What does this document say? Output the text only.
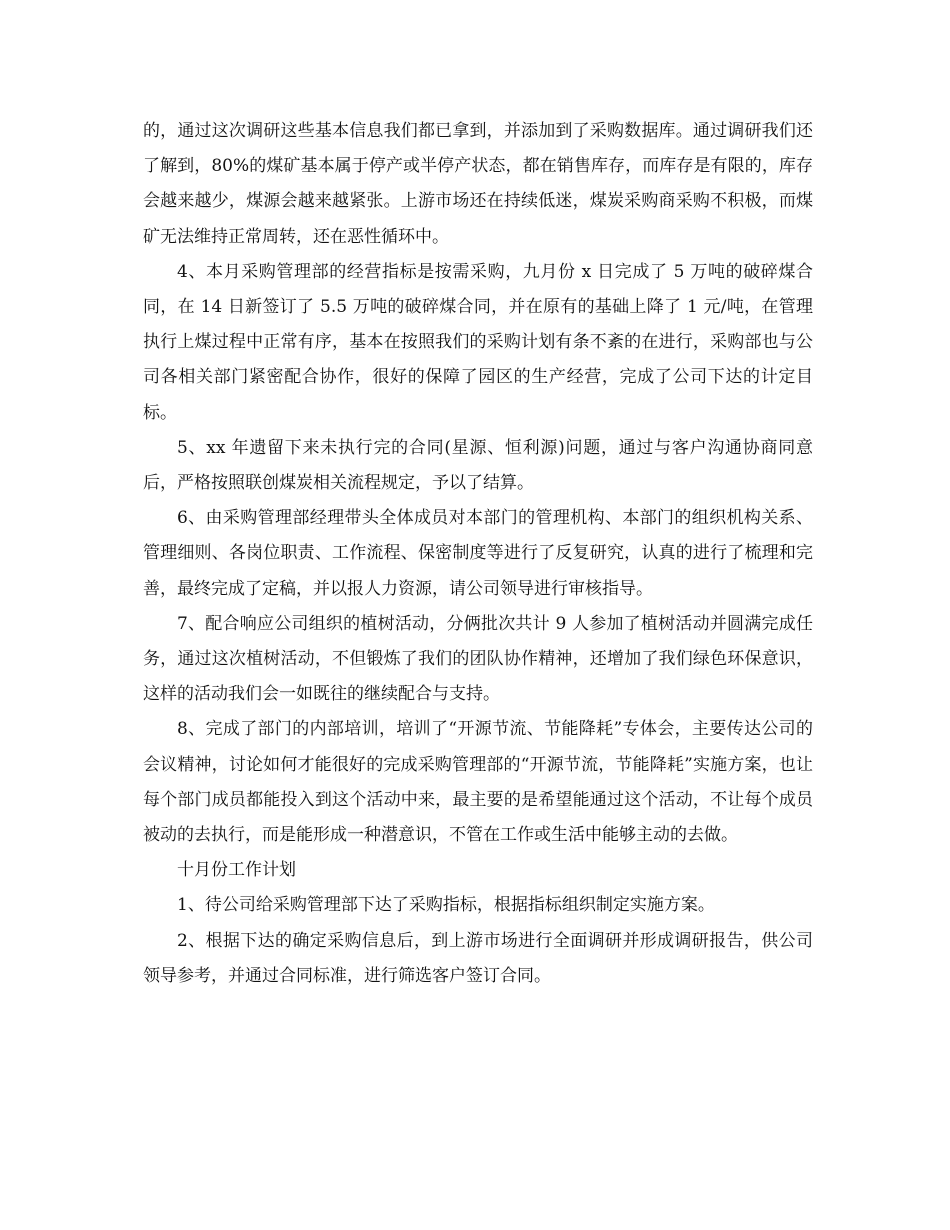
的，通过这次调研这些基本信息我们都已拿到，并添加到了采购数据库。通过调研我们还了解到，80%的煤矿基本属于停产或半停产状态，都在销售库存，而库存是有限的，库存会越来越少，煤源会越来越紧张。上游市场还在持续低迷，煤炭采购商采购不积极，而煤矿无法维持正常周转，还在恶性循环中。

4、本月采购管理部的经营指标是按需采购，九月份 x 日完成了 5 万吨的破碎煤合同，在 14 日新签订了 5.5 万吨的破碎煤合同，并在原有的基础上降了 1 元/吨，在管理执行上煤过程中正常有序，基本在按照我们的采购计划有条不紊的在进行，采购部也与公司各相关部门紧密配合协作，很好的保障了园区的生产经营，完成了公司下达的计定目标。

5、xx 年遗留下来未执行完的合同(星源、恒利源)问题，通过与客户沟通协商同意后，严格按照联创煤炭相关流程规定，予以了结算。

6、由采购管理部经理带头全体成员对本部门的管理机构、本部门的组织机构关系、管理细则、各岗位职责、工作流程、保密制度等进行了反复研究，认真的进行了梳理和完善，最终完成了定稿，并以报人力资源，请公司领导进行审核指导。

7、配合响应公司组织的植树活动，分俩批次共计 9 人参加了植树活动并圆满完成任务，通过这次植树活动，不但锻炼了我们的团队协作精神，还增加了我们绿色环保意识，这样的活动我们会一如既往的继续配合与支持。

8、完成了部门的内部培训，培训了“开源节流、节能降耗”专体会，主要传达公司的会议精神，讨论如何才能很好的完成采购管理部的“开源节流，节能降耗”实施方案，也让每个部门成员都能投入到这个活动中来，最主要的是希望能通过这个活动，不让每个成员被动的去执行，而是能形成一种潜意识，不管在工作或生活中能够主动的去做。

十月份工作计划

1、待公司给采购管理部下达了采购指标，根据指标组织制定实施方案。

2、根据下达的确定采购信息后，到上游市场进行全面调研并形成调研报告，供公司领导参考，并通过合同标准，进行筛选客户签订合同。
